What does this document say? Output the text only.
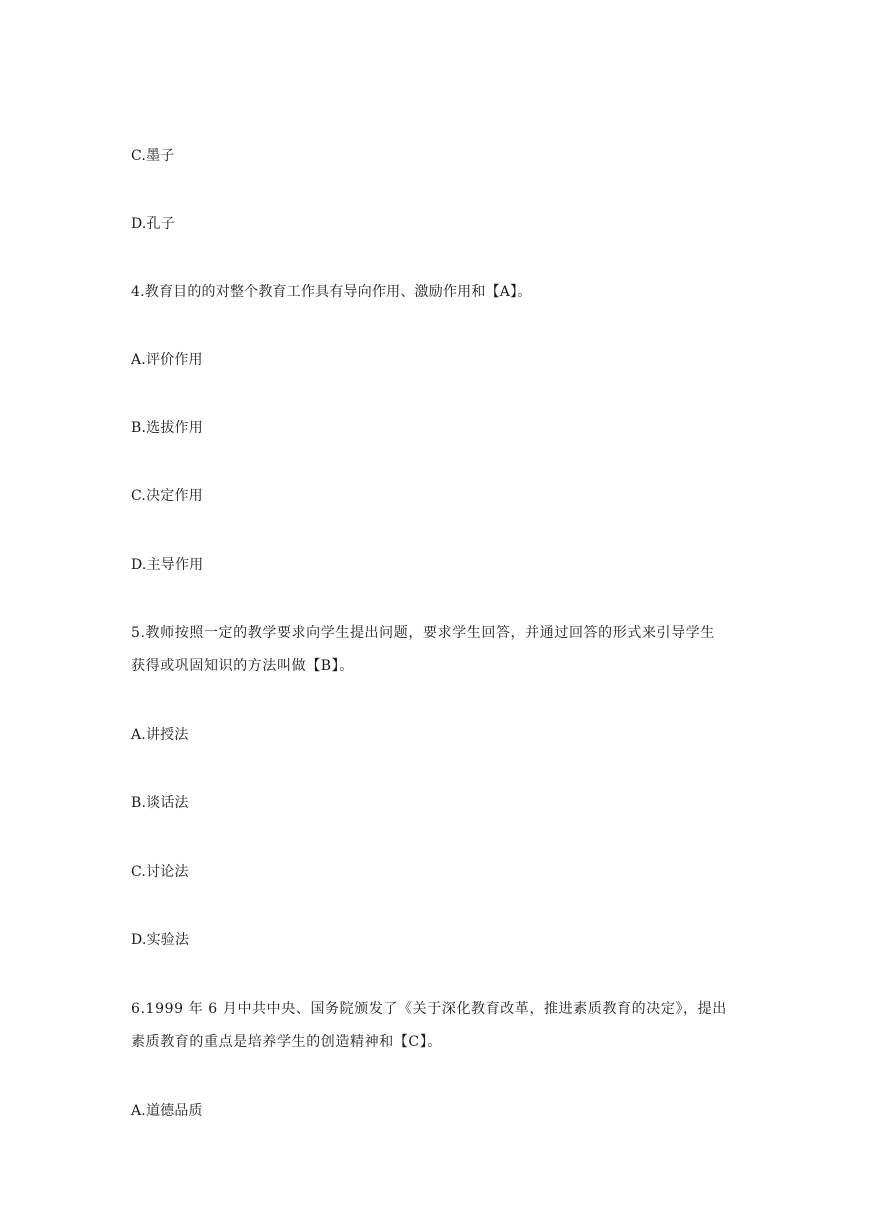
C.墨子
D.孔子
4.教育目的的对整个教育工作具有导向作用、激励作用和【A】。
A.评价作用
B.选拔作用
C.决定作用
D.主导作用
5.教师按照一定的教学要求向学生提出问题，要求学生回答，并通过回答的形式来引导学生
获得或巩固知识的方法叫做【B】。
A.讲授法
B.谈话法
C.讨论法
D.实验法
6.1999 年 6 月中共中央、国务院颁发了《关于深化教育改革，推进素质教育的决定》，提出
素质教育的重点是培养学生的创造精神和【C】。
A.道德品质
